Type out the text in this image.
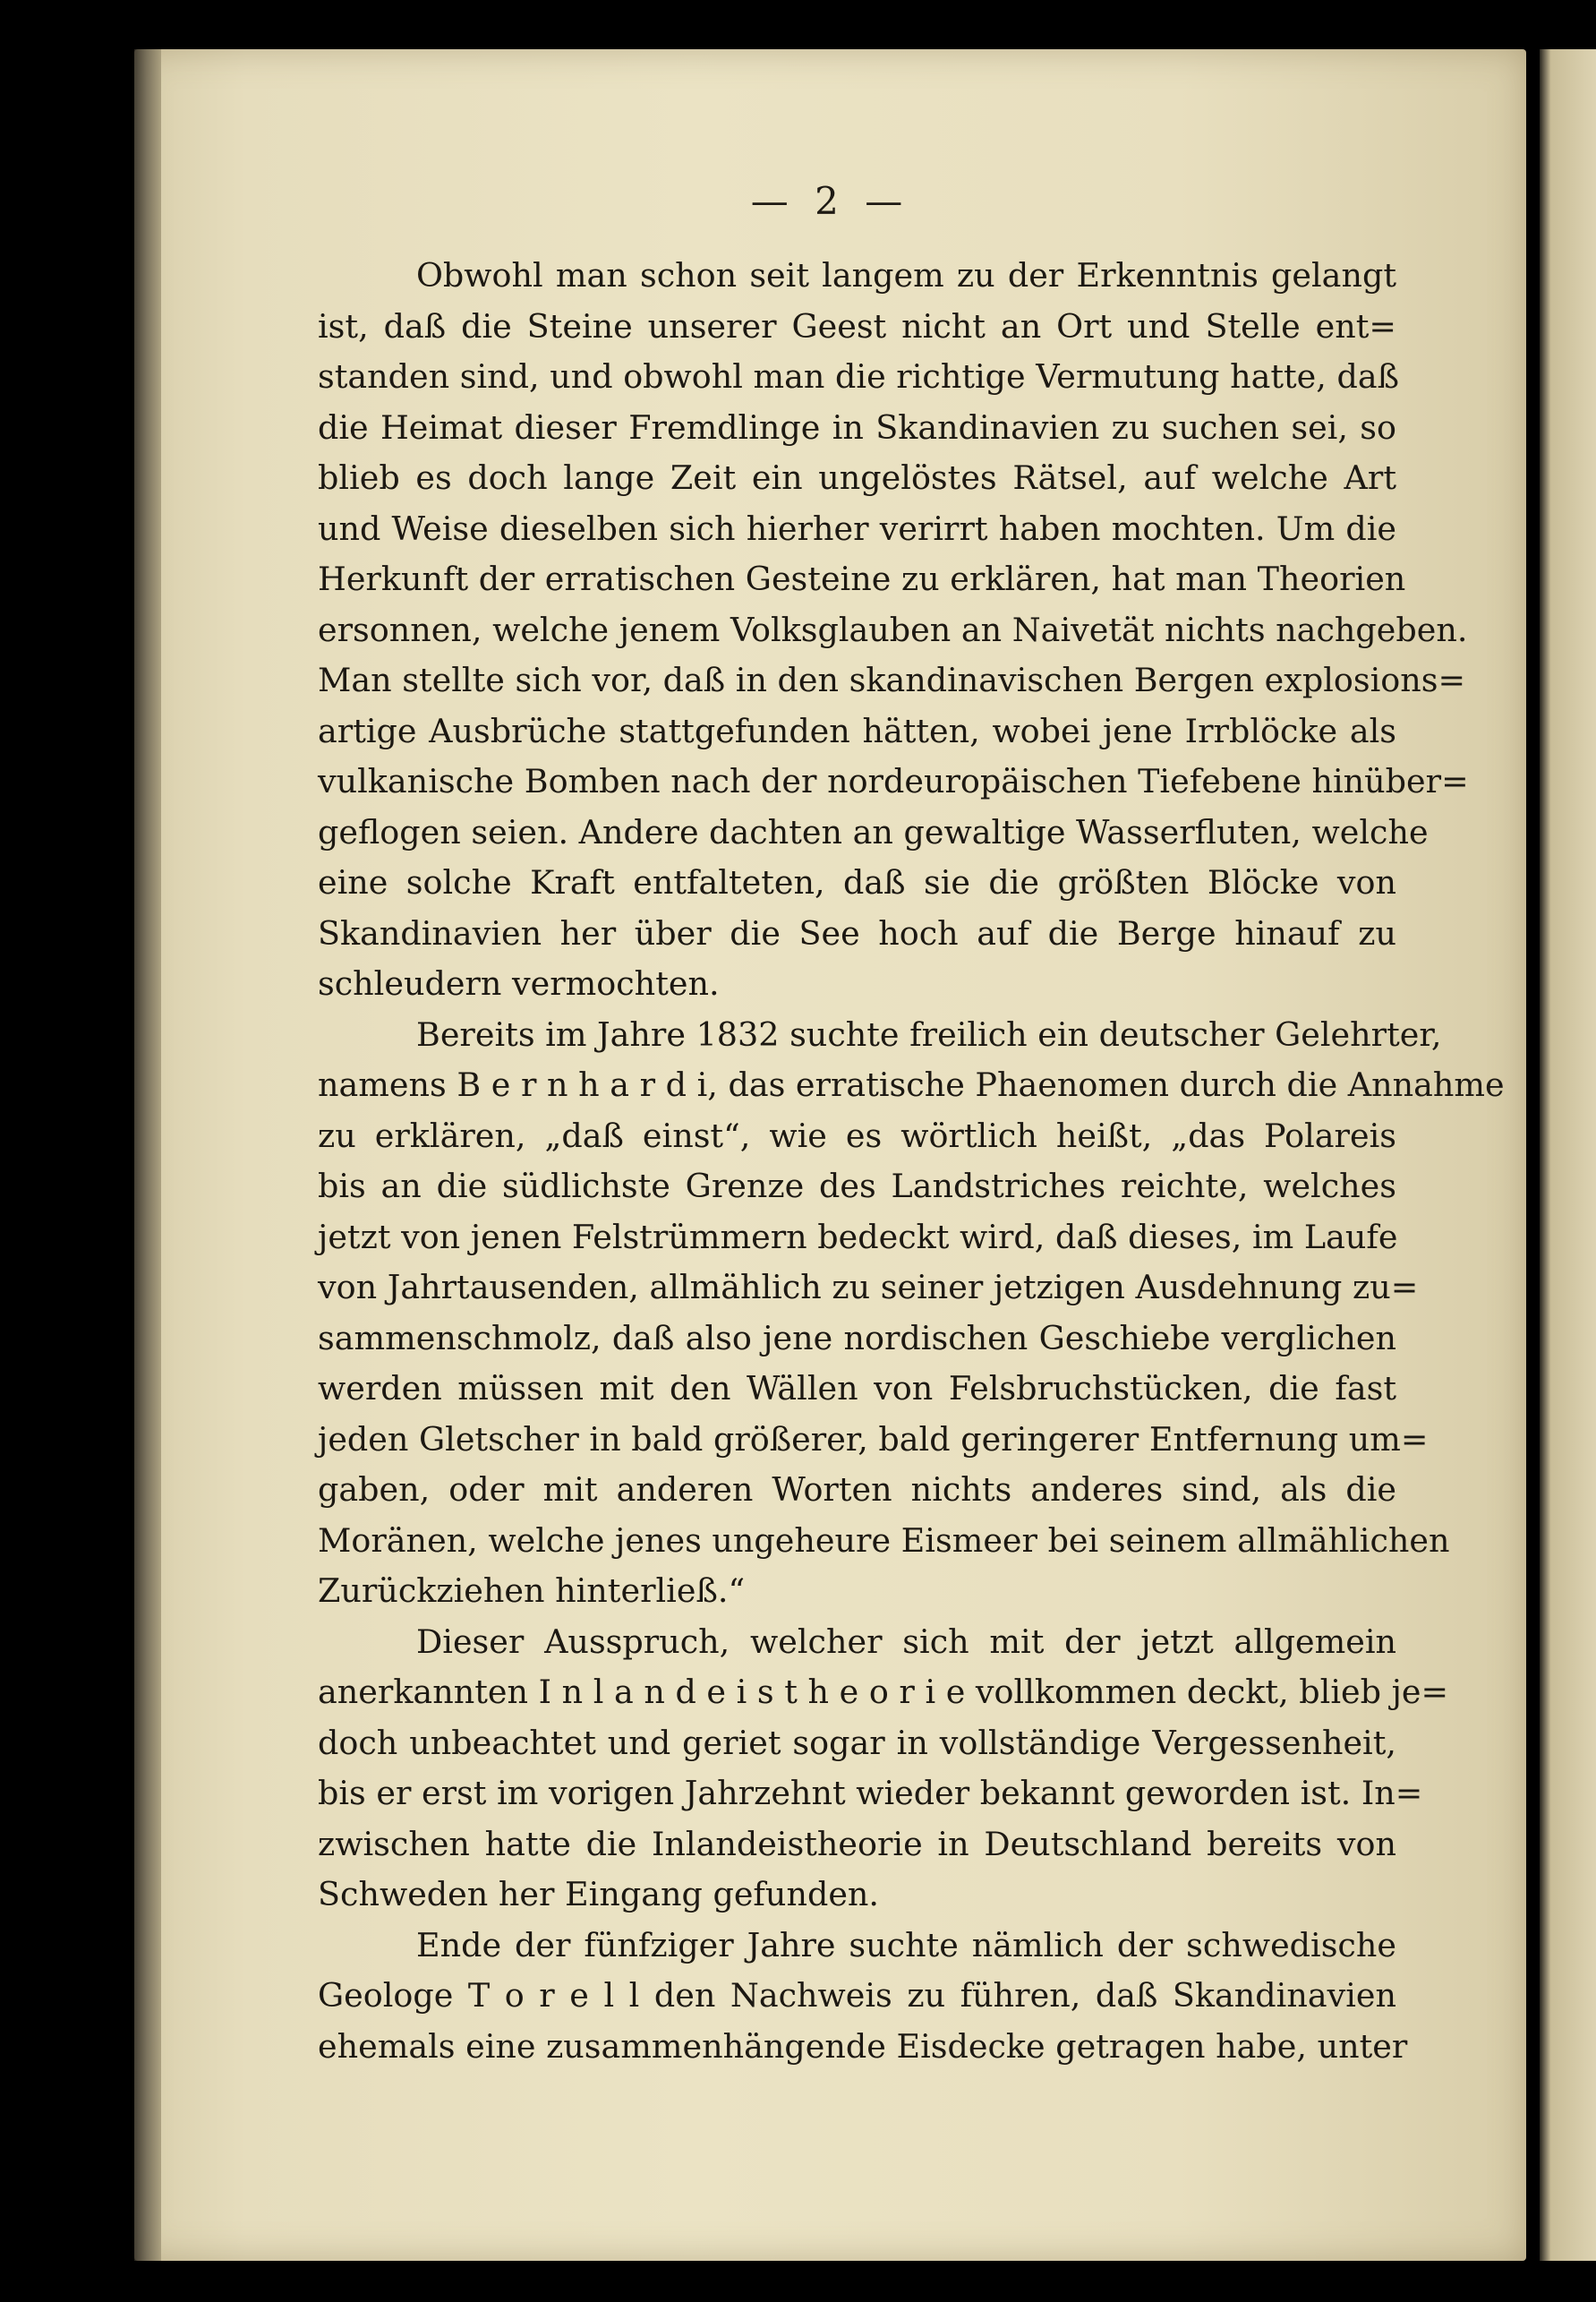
— 2 —
Obwohl man schon seit langem zu der Erkenntnis gelangt
ist, daß die Steine unserer Geest nicht an Ort und Stelle ent=
standen sind, und obwohl man die richtige Vermutung hatte, daß
die Heimat dieser Fremdlinge in Skandinavien zu suchen sei, so
blieb es doch lange Zeit ein ungelöstes Rätsel, auf welche Art
und Weise dieselben sich hierher verirrt haben mochten. Um die
Herkunft der erratischen Gesteine zu erklären, hat man Theorien
ersonnen, welche jenem Volksglauben an Naivetät nichts nachgeben.
Man stellte sich vor, daß in den skandinavischen Bergen explosions=
artige Ausbrüche stattgefunden hätten, wobei jene Irrblöcke als
vulkanische Bomben nach der nordeuropäischen Tiefebene hinüber=
geflogen seien. Andere dachten an gewaltige Wasserfluten, welche
eine solche Kraft entfalteten, daß sie die größten Blöcke von
Skandinavien her über die See hoch auf die Berge hinauf zu
schleudern vermochten.
Bereits im Jahre 1832 suchte freilich ein deutscher Gelehrter,
namens B e r n h a r d i, das erratische Phaenomen durch die Annahme
zu erklären, „daß einst“, wie es wörtlich heißt, „das Polareis
bis an die südlichste Grenze des Landstriches reichte, welches
jetzt von jenen Felstrümmern bedeckt wird, daß dieses, im Laufe
von Jahrtausenden, allmählich zu seiner jetzigen Ausdehnung zu=
sammenschmolz, daß also jene nordischen Geschiebe verglichen
werden müssen mit den Wällen von Felsbruchstücken, die fast
jeden Gletscher in bald größerer, bald geringerer Entfernung um=
gaben, oder mit anderen Worten nichts anderes sind, als die
Moränen, welche jenes ungeheure Eismeer bei seinem allmählichen
Zurückziehen hinterließ.“
Dieser Ausspruch, welcher sich mit der jetzt allgemein
anerkannten I n l a n d e i s t h e o r i e vollkommen deckt, blieb je=
doch unbeachtet und geriet sogar in vollständige Vergessenheit,
bis er erst im vorigen Jahrzehnt wieder bekannt geworden ist. In=
zwischen hatte die Inlandeistheorie in Deutschland bereits von
Schweden her Eingang gefunden.
Ende der fünfziger Jahre suchte nämlich der schwedische
Geologe T o r e l l den Nachweis zu führen, daß Skandinavien
ehemals eine zusammenhängende Eisdecke getragen habe, unter
